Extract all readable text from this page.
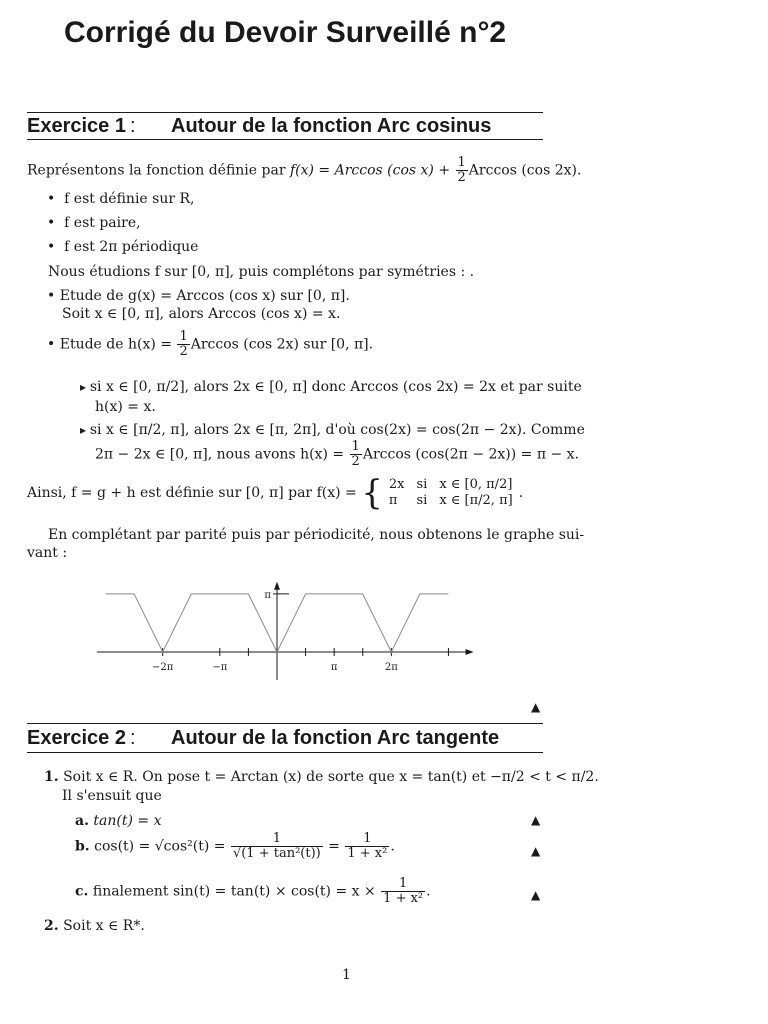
Corrigé du Devoir Surveillé n°2
Exercice 1 : Autour de la fonction Arc cosinus
Représentons la fonction définie par f(x) = Arccos (cos $x) + \frac{1}{2}$ Arccos (cos 2x).
•  f est définie sur R,
•  f est paire,
•  f est 2π périodique
Nous étudions f sur [0, π], puis complétons par symétries : .
• Etude de g(x) = Arccos (cos x) sur [0, π].
Soit x ∈ [0, π], alors Arccos (cos x) = x.
• Etude de $h(x) = \frac{1}{2}$ Arccos (cos 2x) sur [0, π].
▸ si x ∈ [0, π/2], alors 2x ∈ [0, π] donc Arccos (cos 2x) = 2x et par suite
h(x) = x.
▸ si x ∈ [π/2, π], alors 2x ∈ [π, 2π], d'où cos(2x) = cos(2π − 2x). Comme
2π − 2x ∈ [0, π], nous avons $h(x) = \frac{1}{2}$ Arccos (cos(2π − 2x)) = π − x.
Ainsi, f = g + h est définie sur [0, π] par f(x) = { 2x	si	x ∈ [0, π/2]
π	si	x ∈ [π/2, π] .
En complétant par parité puis par périodicité, nous obtenons le graphe sui-
vant :
−2π	−π	π	2π
π
▲
Exercice 2 : Autour de la fonction Arc tangente
1. Soit x ∈ R. On pose t = Arctan (x) de sorte que x = tan(t) et −π/2 < t < π/2.
Il s'ensuit que
a. tan(t) = x	▲
b. $\cos(t) = √\cos^2(t) = \frac{1}{\text{√(1 + tan²(t))}} = \frac{1}{\text{1 + x²}}$ .	▲
c. finalement $\sin(t) = \tan(t) \times \cos(t) = x \times \frac{1}{\text{1 + x²}}$ .	▲
2. Soit x ∈ R*.
1
